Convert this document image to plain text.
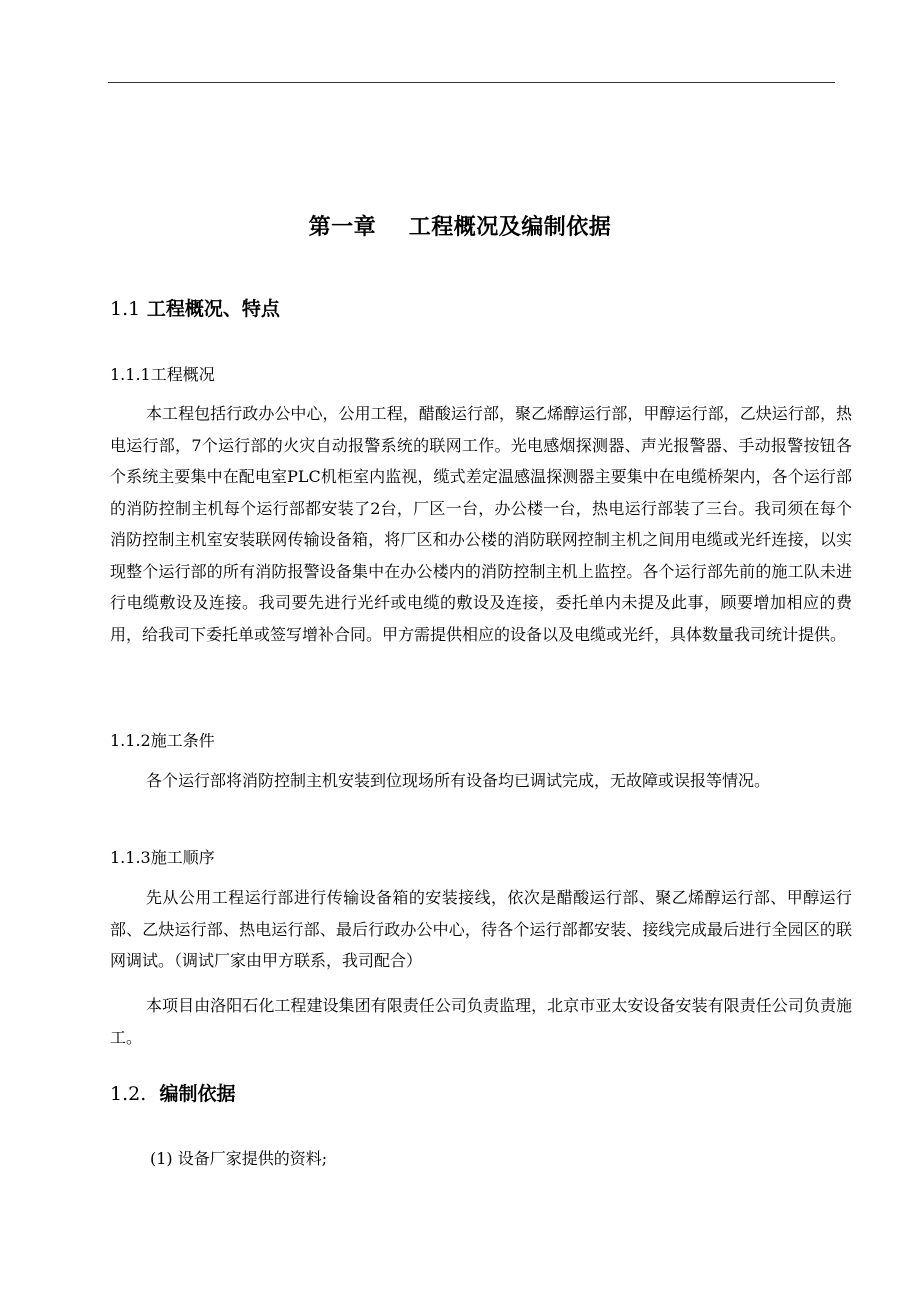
第一章    工程概况及编制依据
1.1 工程概况、特点
1.1.1工程概况

本工程包括行政办公中心，公用工程，醋酸运行部，聚乙烯醇运行部，甲醇运行部，乙炔运行部，热电运行部，7个运行部的火灾自动报警系统的联网工作。光电感烟探测器、声光报警器、手动报警按钮各个系统主要集中在配电室PLC机柜室内监视，缆式差定温感温探测器主要集中在电缆桥架内，各个运行部的消防控制主机每个运行部都安装了2台，厂区一台，办公楼一台，热电运行部装了三台。我司须在每个消防控制主机室安装联网传输设备箱，将厂区和办公楼的消防联网控制主机之间用电缆或光纤连接，以实现整个运行部的所有消防报警设备集中在办公楼内的消防控制主机上监控。各个运行部先前的施工队未进行电缆敷设及连接。我司要先进行光纤或电缆的敷设及连接，委托单内未提及此事，顾要增加相应的费用，给我司下委托单或签写增补合同。甲方需提供相应的设备以及电缆或光纤，具体数量我司统计提供。

1.1.2施工条件

各个运行部将消防控制主机安装到位现场所有设备均已调试完成，无故障或误报等情况。

1.1.3施工顺序

先从公用工程运行部进行传输设备箱的安装接线，依次是醋酸运行部、聚乙烯醇运行部、甲醇运行部、乙炔运行部、热电运行部、最后行政办公中心，待各个运行部都安装、接线完成最后进行全园区的联网调试。（调试厂家由甲方联系，我司配合）

本项目由洛阳石化工程建设集团有限责任公司负责监理，北京市亚太安设备安装有限责任公司负责施工。

1.2. 编制依据
(1) 设备厂家提供的资料;
